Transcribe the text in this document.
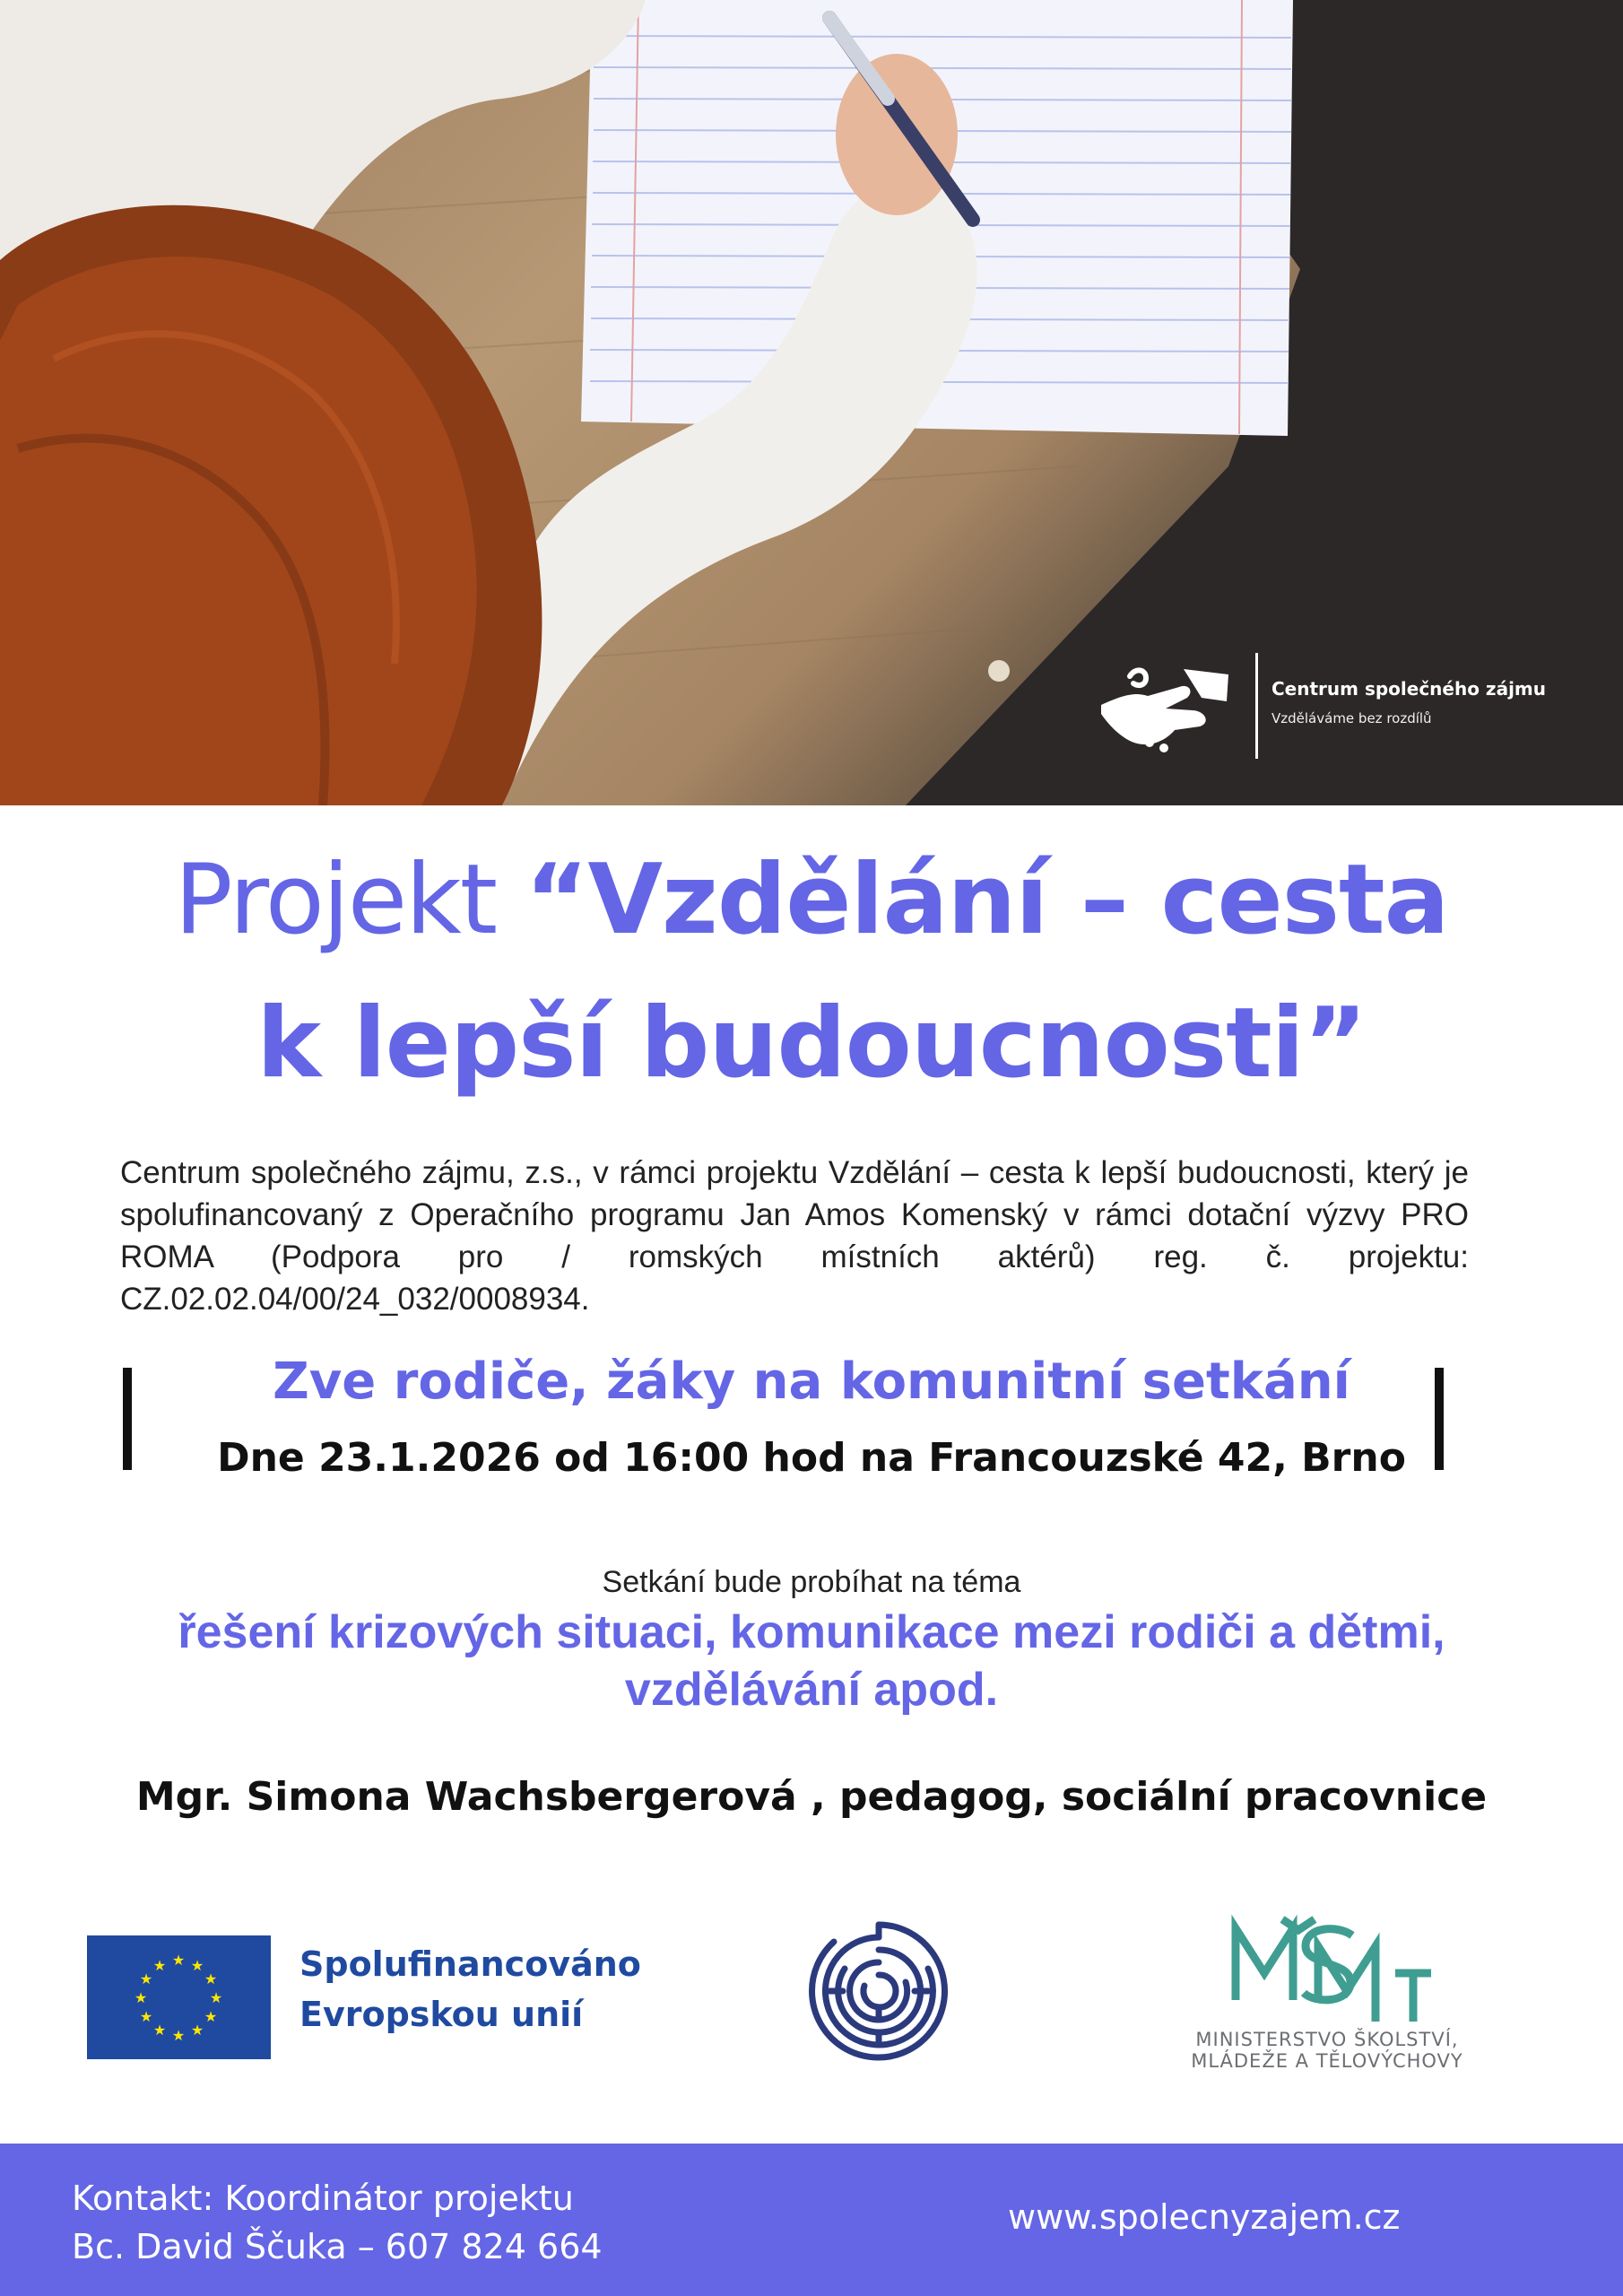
Centrum společného zájmu
Vzděláváme bez rozdílů
Projekt “Vzdělání – cesta
k lepší budoucnosti”
Centrum společného zájmu, z.s., v rámci projektu Vzdělání – cesta k lepší budoucnosti, který je spolufinancovaný z Operačního programu Jan Amos Komenský v rámci dotační výzvy PRO ROMA (Podpora pro / romských místních aktérů) reg. č. projektu: CZ.02.02.04/00/24_032/0008934.
Zve rodiče, žáky na komunitní setkání
Dne 23.1.2026 od 16:00 hod na Francouzské 42, Brno
Setkání bude probíhat na téma
řešení krizových situaci, komunikace mezi rodiči a dětmi, vzdělávání apod.
Mgr. Simona Wachsbergerová , pedagog, sociální pracovnice
★ ★
★
★
★
★
★
★
★
★
★
★	Spolufinancováno
Evropskou unií
MINISTERSTVO ŠKOLSTVÍ,
MLÁDEŽE A TĚLOVÝCHOVY
Kontakt: Koordinátor projektu
Bc. David Ščuka – 607 824 664
www.spolecnyzajem.cz
